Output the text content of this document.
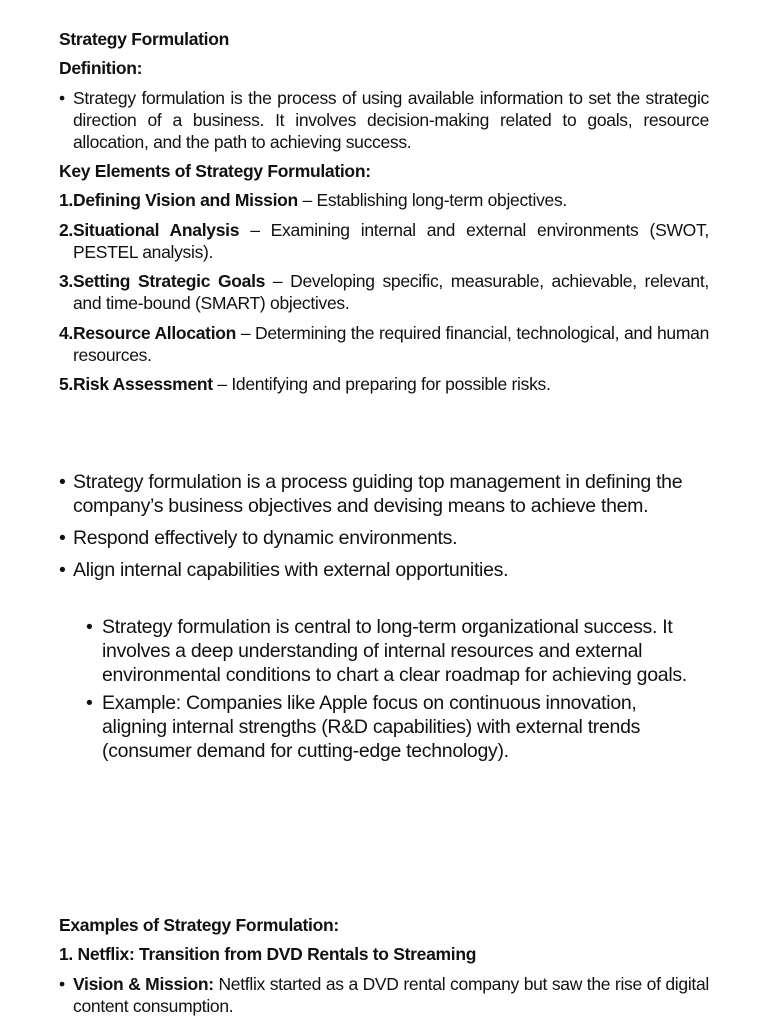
Strategy Formulation
Definition:
• Strategy formulation is the process of using available information to set the strategic direction of a business. It involves decision-making related to goals, resource allocation, and the path to achieving success.
Key Elements of Strategy Formulation:
1. Defining Vision and Mission – Establishing long-term objectives.
2. Situational Analysis – Examining internal and external environments (SWOT, PESTEL analysis).
3. Setting Strategic Goals – Developing specific, measurable, achievable, relevant, and time-bound (SMART) objectives.
4. Resource Allocation – Determining the required financial, technological, and human resources.
5. Risk Assessment – Identifying and preparing for possible risks.
• Strategy formulation is a process guiding top management in defining the company’s business objectives and devising means to achieve them.
• Respond effectively to dynamic environments.
• Align internal capabilities with external opportunities.
• Strategy formulation is central to long-term organizational success. It involves a deep understanding of internal resources and external environmental conditions to chart a clear roadmap for achieving goals.
• Example: Companies like Apple focus on continuous innovation, aligning internal strengths (R&D capabilities) with external trends (consumer demand for cutting-edge technology).
Examples of Strategy Formulation:
1. Netflix: Transition from DVD Rentals to Streaming
• Vision & Mission: Netflix started as a DVD rental company but saw the rise of digital content consumption.
